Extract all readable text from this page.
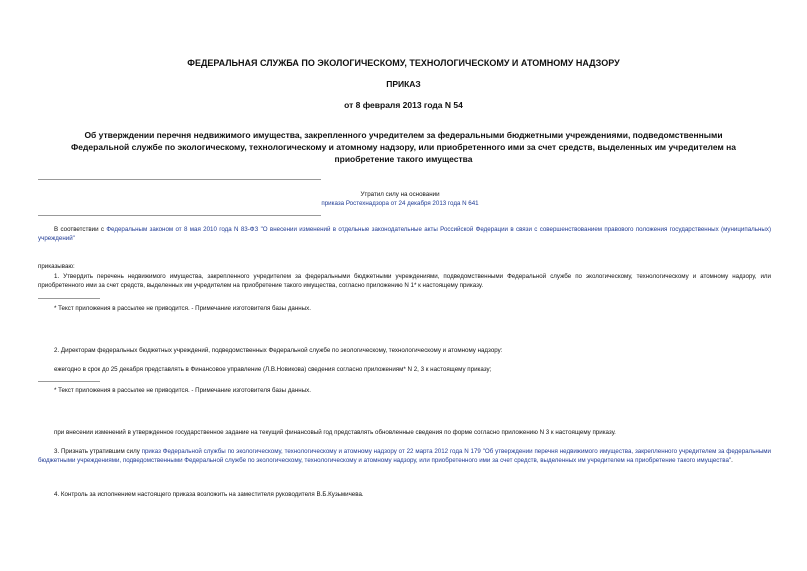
ФЕДЕРАЛЬНАЯ СЛУЖБА ПО ЭКОЛОГИЧЕСКОМУ, ТЕХНОЛОГИЧЕСКОМУ И АТОМНОМУ НАДЗОРУ
ПРИКАЗ
от 8 февраля 2013 года N 54
Об утверждении перечня недвижимого имущества, закрепленного учредителем за федеральными бюджетными учреждениями, подведомственными Федеральной службе по экологическому, технологическому и атомному надзору, или приобретенного ими за счет средств, выделенных им учредителем на приобретение такого имущества
Утратил силу на основании
приказа Ростехнадзора от 24 декабря 2013 года N 641
В соответствии с Федеральным законом от 8 мая 2010 года N 83-ФЗ "О внесении изменений в отдельные законодательные акты Российской Федерации в связи с совершенствованием правового положения государственных (муниципальных) учреждений"
приказываю:
1. Утвердить перечень недвижимого имущества, закрепленного учредителем за федеральными бюджетными учреждениями, подведомственными Федеральной службе по экологическому, технологическому и атомному надзору, или приобретенного ими за счет средств, выделенных им учредителем на приобретение такого имущества, согласно приложению N 1* к настоящему приказу.
* Текст приложения в рассылке не приводится. - Примечание изготовителя базы данных.
2. Директорам федеральных бюджетных учреждений, подведомственных Федеральной службе по экологическому, технологическому и атомному надзору:
ежегодно в срок до 25 декабря представлять в Финансовое управление (Л.В.Новикова) сведения согласно приложениям* N 2, 3 к настоящему приказу;
* Текст приложения в рассылке не приводится. - Примечание изготовителя базы данных.
при внесении изменений в утвержденное государственное задание на текущий финансовый год представлять обновленные сведения по форме согласно приложению N 3 к настоящему приказу.
3. Признать утратившим силу приказ Федеральной службы по экологическому, технологическому и атомному надзору от 22 марта 2012 года N 179 "Об утверждении перечня недвижимого имущества, закрепленного учредителем за федеральными бюджетными учреждениями, подведомственными Федеральной службе по экологическому, технологическому и атомному надзору, или приобретенного ими за счет средств, выделенных им учредителем на приобретение такого имущества".
4. Контроль за исполнением настоящего приказа возложить на заместителя руководителя В.Б.Кузьмичева.
